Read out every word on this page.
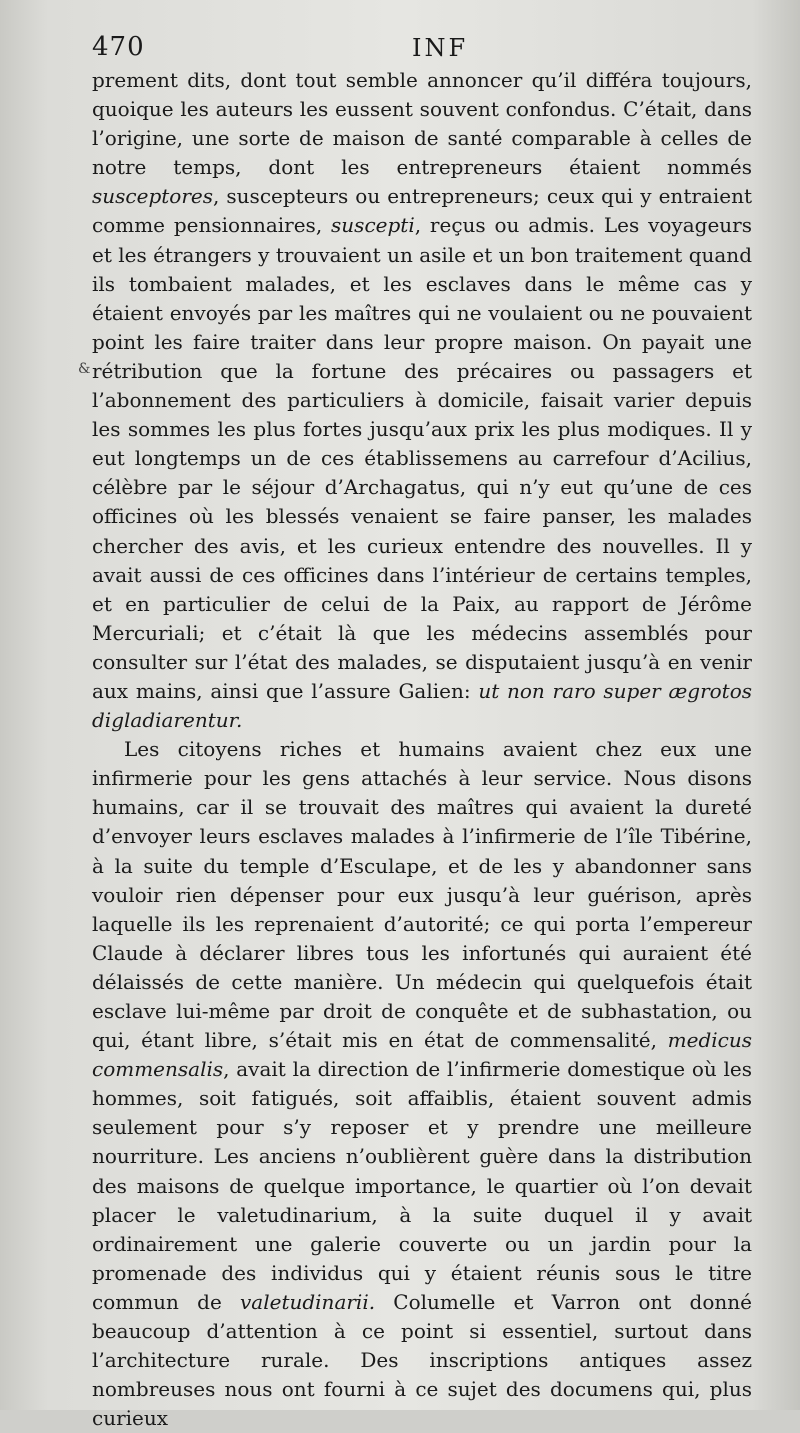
470	INF
&

prement dits, dont tout semble annoncer qu’il différa toujours, quoique les auteurs les eussent souvent confondus. C’était, dans l’origine, une sorte de maison de santé comparable à celles de notre temps, dont les entrepreneurs étaient nommés susceptores, suscepteurs ou entrepreneurs; ceux qui y entraient comme pensionnaires, suscepti, reçus ou admis. Les voyageurs et les étrangers y trouvaient un asile et un bon traitement quand ils tombaient malades, et les esclaves dans le même cas y étaient envoyés par les maîtres qui ne voulaient ou ne pouvaient point les faire traiter dans leur propre maison. On payait une rétribution que la fortune des précaires ou passagers et l’abonnement des particuliers à domicile, faisait varier depuis les sommes les plus fortes jusqu’aux prix les plus modiques. Il y eut longtemps un de ces établissemens au carrefour d’Acilius, célèbre par le séjour d’Archagatus, qui n’y eut qu’une de ces officines où les blessés venaient se faire panser, les malades chercher des avis, et les curieux entendre des nouvelles. Il y avait aussi de ces officines dans l’intérieur de certains temples, et en particulier de celui de la Paix, au rapport de Jérôme Mercuriali; et c’était là que les médecins assemblés pour consulter sur l’état des malades, se disputaient jusqu’à en venir aux mains, ainsi que l’assure Galien: ut non raro super ægrotos digladiarentur.

Les citoyens riches et humains avaient chez eux une infirmerie pour les gens attachés à leur service. Nous disons humains, car il se trouvait des maîtres qui avaient la dureté d’envoyer leurs esclaves malades à l’infirmerie de l’île Tibérine, à la suite du temple d’Esculape, et de les y abandonner sans vouloir rien dépenser pour eux jusqu’à leur guérison, après laquelle ils les reprenaient d’autorité; ce qui porta l’empereur Claude à déclarer libres tous les infortunés qui auraient été délaissés de cette manière. Un médecin qui quelquefois était esclave lui-même par droit de conquête et de subhastation, ou qui, étant libre, s’était mis en état de commensalité, medicus commensalis, avait la direction de l’infirmerie domestique où les hommes, soit fatigués, soit affaiblis, étaient souvent admis seulement pour s’y reposer et y prendre une meilleure nourriture. Les anciens n’oublièrent guère dans la distribution des maisons de quelque importance, le quartier où l’on devait placer le valetudinarium, à la suite duquel il y avait ordinairement une galerie couverte ou un jardin pour la promenade des individus qui y étaient réunis sous le titre commun de valetudinarii. Columelle et Varron ont donné beaucoup d’attention à ce point si essentiel, surtout dans l’architecture rurale. Des inscriptions antiques assez nombreuses nous ont fourni à ce sujet des documens qui, plus curieux
